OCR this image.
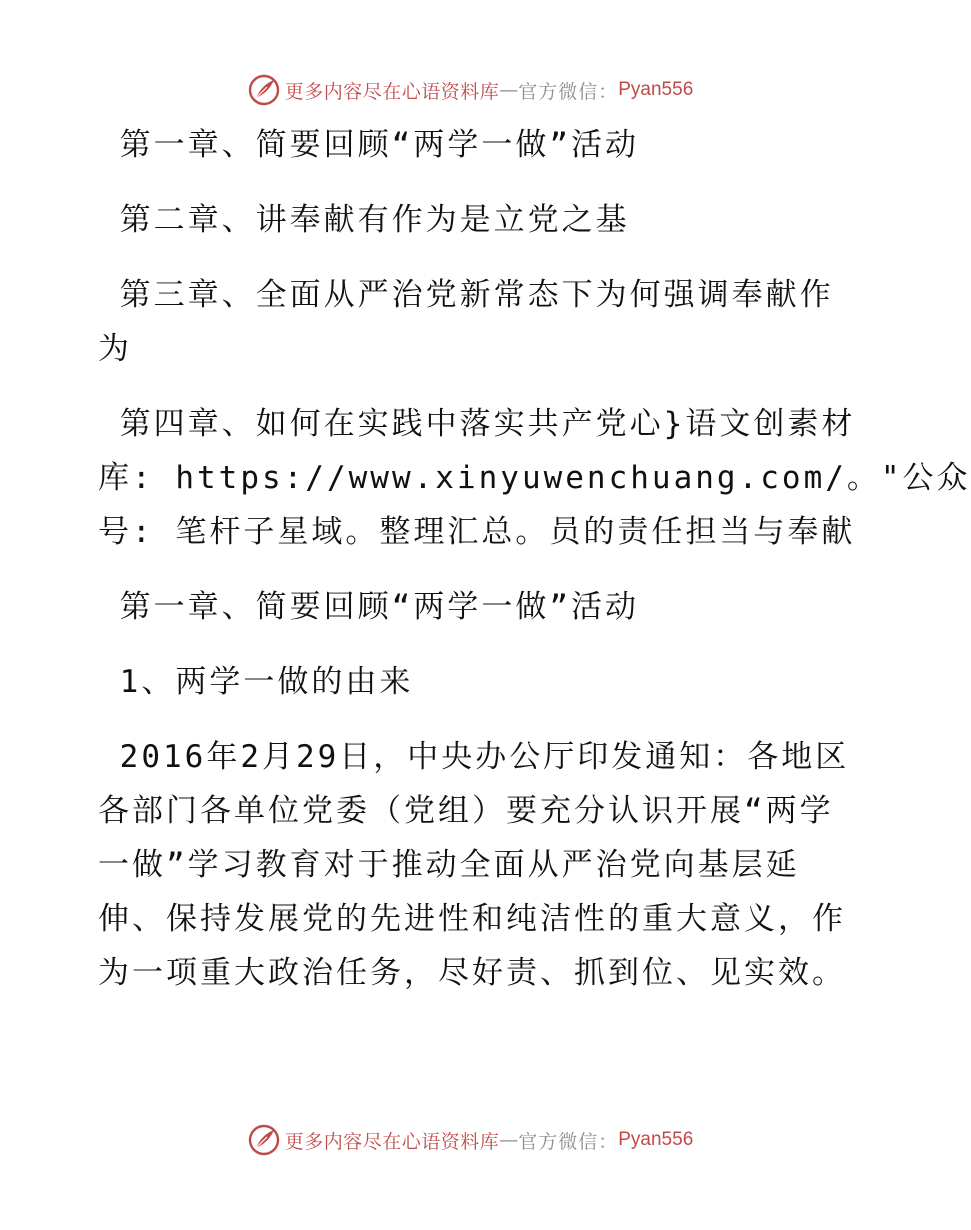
更多内容尽在心语资料库 — 官方微信： Pyan556

第一章、简要回顾“两学一做”活动

第二章、讲奉献有作为是立党之基

第三章、全面从严治党新常态下为何强调奉献作

为

第四章、如何在实践中落实共产党心}语文创素材

库: https://www.xinyuwenchuang.com/。"公众

号: 笔杆子星域。整理汇总。员的责任担当与奉献

第一章、简要回顾“两学一做”活动

1、两学一做的由来

2016年2月29日，中央办公厅印发通知：各地区

各部门各单位党委（党组）要充分认识开展“两学

一做”学习教育对于推动全面从严治党向基层延

伸、保持发展党的先进性和纯洁性的重大意义，作

为一项重大政治任务，尽好责、抓到位、见实效。

更多内容尽在心语资料库 — 官方微信： Pyan556
